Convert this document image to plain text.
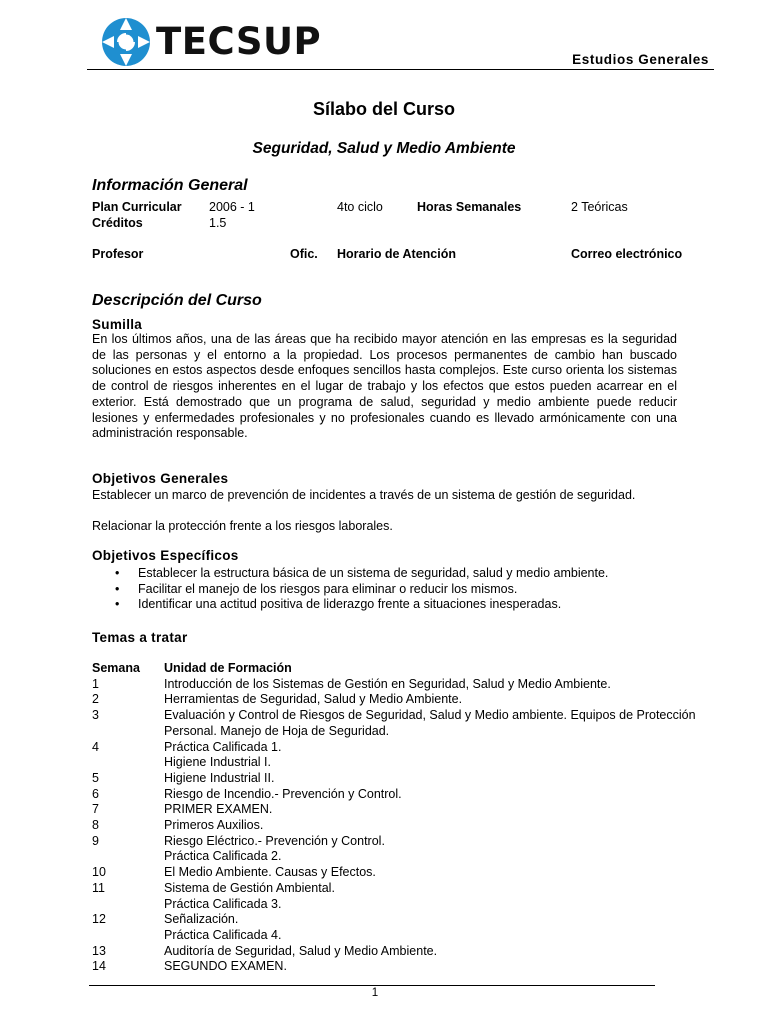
TECSUP	Estudios Generales
Sílabo del Curso
Seguridad, Salud y Medio Ambiente
Información General
Plan Curricular 2006 - 1	4to ciclo	Horas Semanales	2 Teóricas
Créditos	1.5
Profesor	Ofic. Horario de Atención	Correo electrónico
Descripción del Curso
Sumilla
En los últimos años, una de las áreas que ha recibido mayor atención en las empresas es la seguridad de las personas y el entorno a la propiedad. Los procesos permanentes de cambio han buscado soluciones en estos aspectos desde enfoques sencillos hasta complejos. Este curso orienta los sistemas de control de riesgos inherentes en el lugar de trabajo y los efectos que estos pueden acarrear en el exterior. Está demostrado que un programa de salud, seguridad y medio ambiente puede reducir lesiones y enfermedades profesionales y no profesionales cuando es llevado armónicamente con una administración responsable.
Objetivos Generales
Establecer un marco de prevención de incidentes a través de un sistema de gestión de seguridad.
Relacionar la protección frente a los riesgos laborales.
Objetivos Específicos
• Establecer la estructura básica de un sistema de seguridad, salud y medio ambiente.
• Facilitar el manejo de los riesgos para eliminar o reducir los mismos.
• Identificar una actitud positiva de liderazgo frente a situaciones inesperadas.
Temas a tratar
Semana	Unidad de Formación
1	Introducción de los Sistemas de Gestión en Seguridad, Salud y Medio Ambiente.
2	Herramientas de Seguridad, Salud y Medio Ambiente.
3	Evaluación y Control de Riesgos de Seguridad, Salud y Medio ambiente. Equipos de Protección Personal. Manejo de Hoja de Seguridad.
4	Práctica Calificada 1.
Higiene Industrial I.
5	Higiene Industrial II.
6	Riesgo de Incendio.- Prevención y Control.
7	PRIMER EXAMEN.
8	Primeros Auxilios.
9	Riesgo Eléctrico.- Prevención y Control.
Práctica Calificada 2.
10	El Medio Ambiente. Causas y Efectos.
11	Sistema de Gestión Ambiental.
Práctica Calificada 3.
12	Señalización.
Práctica Calificada 4.
13	Auditoría de Seguridad, Salud y Medio Ambiente.
14	SEGUNDO EXAMEN.
1
